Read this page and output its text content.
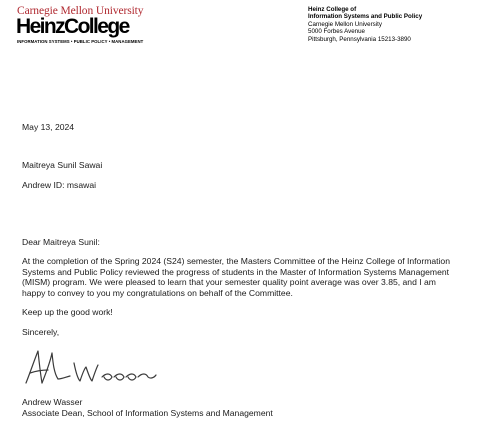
Carnegie Mellon University
HeinzCollege
INFORMATION SYSTEMS • PUBLIC POLICY • MANAGEMENT
Heinz College of
Information Systems and Public Policy
Carnegie Mellon University
5000 Forbes Avenue
Pittsburgh, Pennsylvania 15213-3890
May 13, 2024
Maitreya Sunil Sawai
Andrew ID: msawai
Dear Maitreya Sunil:
At the completion of the Spring 2024 (S24) semester, the Masters Committee of the Heinz College of Information
Systems and Public Policy reviewed the progress of students in the Master of Information Systems Management
(MISM) program. We were pleased to learn that your semester quality point average was over 3.85, and I am
happy to convey to you my congratulations on behalf of the Committee.
Keep up the good work!
Sincerely,
Andrew Wasser
Associate Dean, School of Information Systems and Management
